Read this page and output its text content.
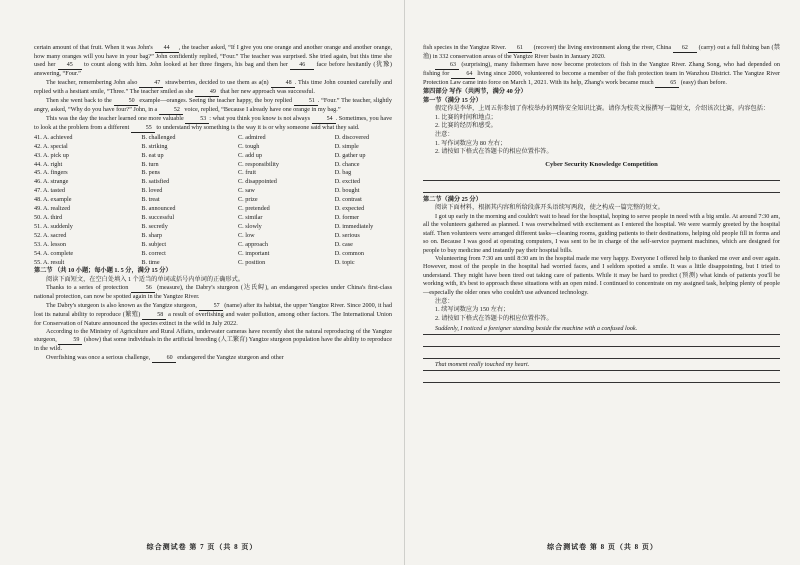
certain amount of that fruit. When it was John's 44 , the teacher asked, “If I give you one orange and another orange and another orange, how many oranges will you have in your bag?” John confidently replied, “Four.” The teacher was surprised. She tried again, but this time she used her 45 to count along with him. John looked at her three fingers, his bag and then her 46 face before hesitantly (犹豫) answering, “Four.”

The teacher, remembering John also	47 strawberries, decided to use them as a(n)	48 . This time John counted carefully and replied with a hesitant smile, “Three.” The teacher smiled as she	49 that her new approach was successful.

Then she went back to the	50 example—oranges. Seeing the teacher happy, the boy replied	51 . “Four.” The teacher, slightly angry, asked, “Why do you have four?” John, in a	52 voice, replied, “Because I already have one orange in my bag.”

This was the day the teacher learned one more valuable	53 : what you think you know is not always	54 . Sometimes, you have to look at the problem from a different	55 to understand why something is the way it is or why someone said what they said.

41. A. achieved	B. challenged	C. admired	D. discovered
42. A. special	B. striking	C. tough	D. simple
43. A. pick up	B. eat up	C. add up	D. gather up
44. A. right	B. turn	C. responsibility	D. chance
45. A. fingers	B. pens	C. fruit	D. bag
46. A. strange	B. satisfied	C. disappointed	D. excited
47. A. tasted	B. loved	C. saw	D. bought
48. A. example	B. treat	C. prize	D. contrast
49. A. realized	B. announced	C. pretended	D. expected
50. A. third	B. successful	C. similar	D. former
51. A. suddenly	B. secretly	C. slowly	D. immediately
52. A. sacred	B. sharp	C. low	D. serious
53. A. lesson	B. subject	C. approach	D. case
54. A. complete	B. correct	C. important	D. common
55. A. result	B. time	C. position	D. topic

第二节 （共 10 小题；每小题 1. 5 分，满分 15 分）

阅读下面短文，在空白处填入 1 个适当的单词或括号内单词的正确形式。

Thanks to a series of protection	56 (measure), the Dabry's sturgeon (达氏鲟), an endangered species under China's first-class national protection, can now be spotted again in the Yangtze River.

The Dabry's sturgeon is also known as the Yangtze sturgeon,	57 (name) after its habitat, the upper Yangtze River. Since 2000, it had lost its natural ability to reproduce (繁殖)	58 a result of overfishing and water pollution, among other factors. The International Union for Conservation of Nature announced the species extinct in the wild in July 2022.

According to the Ministry of Agriculture and Rural Affairs, underwater cameras have recently shot the natural reproducing of the Yangtze sturgeon,	59 (show) that some individuals in the artificial breeding (人工繁育) Yangtze sturgeon population have the ability to reproduce in the wild.

Overfishing was once a serious challenge,	60 endangered the Yangtze sturgeon and other

综合测试卷 第 7 页（共 8 页）

fish species in the Yangtze River. 61 (recover) the living environment along the river, China 62 (carry) out a full fishing ban (禁渔) in 332 conservation areas of the Yangtze River basin in January 2020.

63 (surprising), many fishermen have now become protectors of fish in the Yangtze River. Zhang Song, who had depended on fishing for	64 living since 2000, volunteered to become a member of the fish protection team in Wanzhou District. The Yangtze River Protection Law came into force on March 1, 2021. With its help, Zhang's work became much	65 (easy) than before.

第四部分 写作（共两节，满分 40 分）

第一节（满分 15 分）

假定你是李华，上周五你参加了你校举办的网络安全知识比赛。请你为校英文报撰写一篇短文，介绍该次比赛，内容包括：

1. 比赛的时间和地点；

2. 比赛的经历和感受。

注意：

1. 写作词数应为 80 左右；

2. 请按如下格式在答题卡的相应位置作答。

Cyber Security Knowledge Competition

第二节（满分 25 分）

阅读下面材料，根据其内容和所给段落开头语续写两段，使之构成一篇完整的短文。

I got up early in the morning and couldn't wait to head for the hospital, hoping to serve people in need with a big smile. At around 7:30 am, all the volunteers gathered as planned. I was overwhelmed with excitement as I entered the hospital. We were warmly greeted by the hospital staff. Then volunteers were arranged different tasks—cleaning rooms, guiding patients to their destinations, helping old people fill in forms and so on. Because I was good at operating computers, I was sent to be in charge of the self-service payment machines, which are designed for people to buy medicine and instantly pay their hospital bills.

Volunteering from 7:30 am until 8:30 am in the hospital made me very happy. Everyone I offered help to thanked me over and over again. However, most of the people in the hospital had worried faces, and I seldom spotted a smile. It was a little disappointing, but I tried to understand. They might have been tired out taking care of patients. While it may be hard to predict (预测) what kinds of patients you'll be working with, it's best to approach these situations with an open mind. I continued to concentrate on my assigned task, helping plenty of people—especially the older ones who couldn't use advanced technology.

注意：

1. 续写词数应为 150 左右；

2. 请按如下格式在答题卡的相应位置作答。

Suddenly, I noticed a foreigner standing beside the machine with a confused look.
That moment really touched my heart.
综合测试卷 第 8 页（共 8 页）
